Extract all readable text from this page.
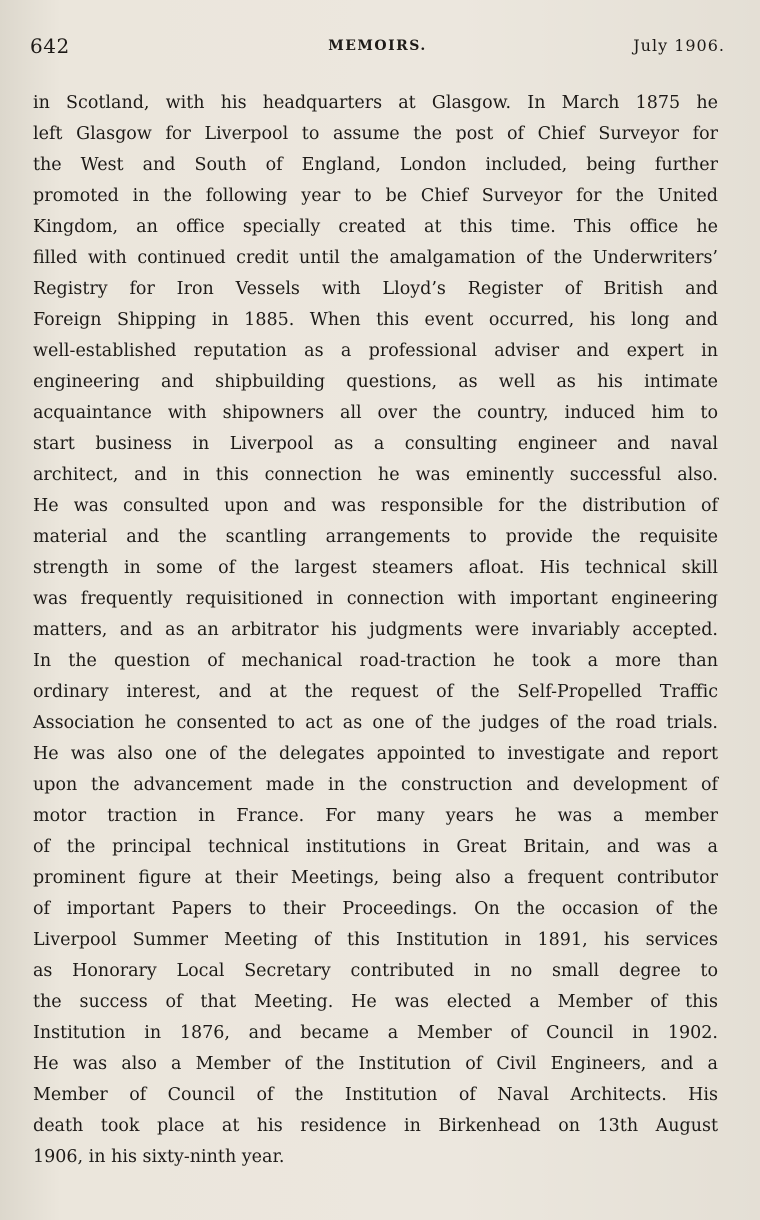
642	MEMOIRS.	July 1906.
in Scotland, with his headquarters at Glasgow. In March 1875 he
left Glasgow for Liverpool to assume the post of Chief Surveyor for
the West and South of England, London included, being further
promoted in the following year to be Chief Surveyor for the United
Kingdom, an office specially created at this time. This office he
filled with continued credit until the amalgamation of the Underwriters’
Registry for Iron Vessels with Lloyd’s Register of British and
Foreign Shipping in 1885. When this event occurred, his long and
well-established reputation as a professional adviser and expert in
engineering and shipbuilding questions, as well as his intimate
acquaintance with shipowners all over the country, induced him to
start business in Liverpool as a consulting engineer and naval
architect, and in this connection he was eminently successful also.
He was consulted upon and was responsible for the distribution of
material and the scantling arrangements to provide the requisite
strength in some of the largest steamers afloat. His technical skill
was frequently requisitioned in connection with important engineering
matters, and as an arbitrator his judgments were invariably accepted.
In the question of mechanical road-traction he took a more than
ordinary interest, and at the request of the Self-Propelled Traffic
Association he consented to act as one of the judges of the road trials.
He was also one of the delegates appointed to investigate and report
upon the advancement made in the construction and development of
motor traction in France. For many years he was a member
of the principal technical institutions in Great Britain, and was a
prominent figure at their Meetings, being also a frequent contributor
of important Papers to their Proceedings. On the occasion of the
Liverpool Summer Meeting of this Institution in 1891, his services
as Honorary Local Secretary contributed in no small degree to
the success of that Meeting. He was elected a Member of this
Institution in 1876, and became a Member of Council in 1902.
He was also a Member of the Institution of Civil Engineers, and a
Member of Council of the Institution of Naval Architects. His
death took place at his residence in Birkenhead on 13th August
1906, in his sixty-ninth year.
